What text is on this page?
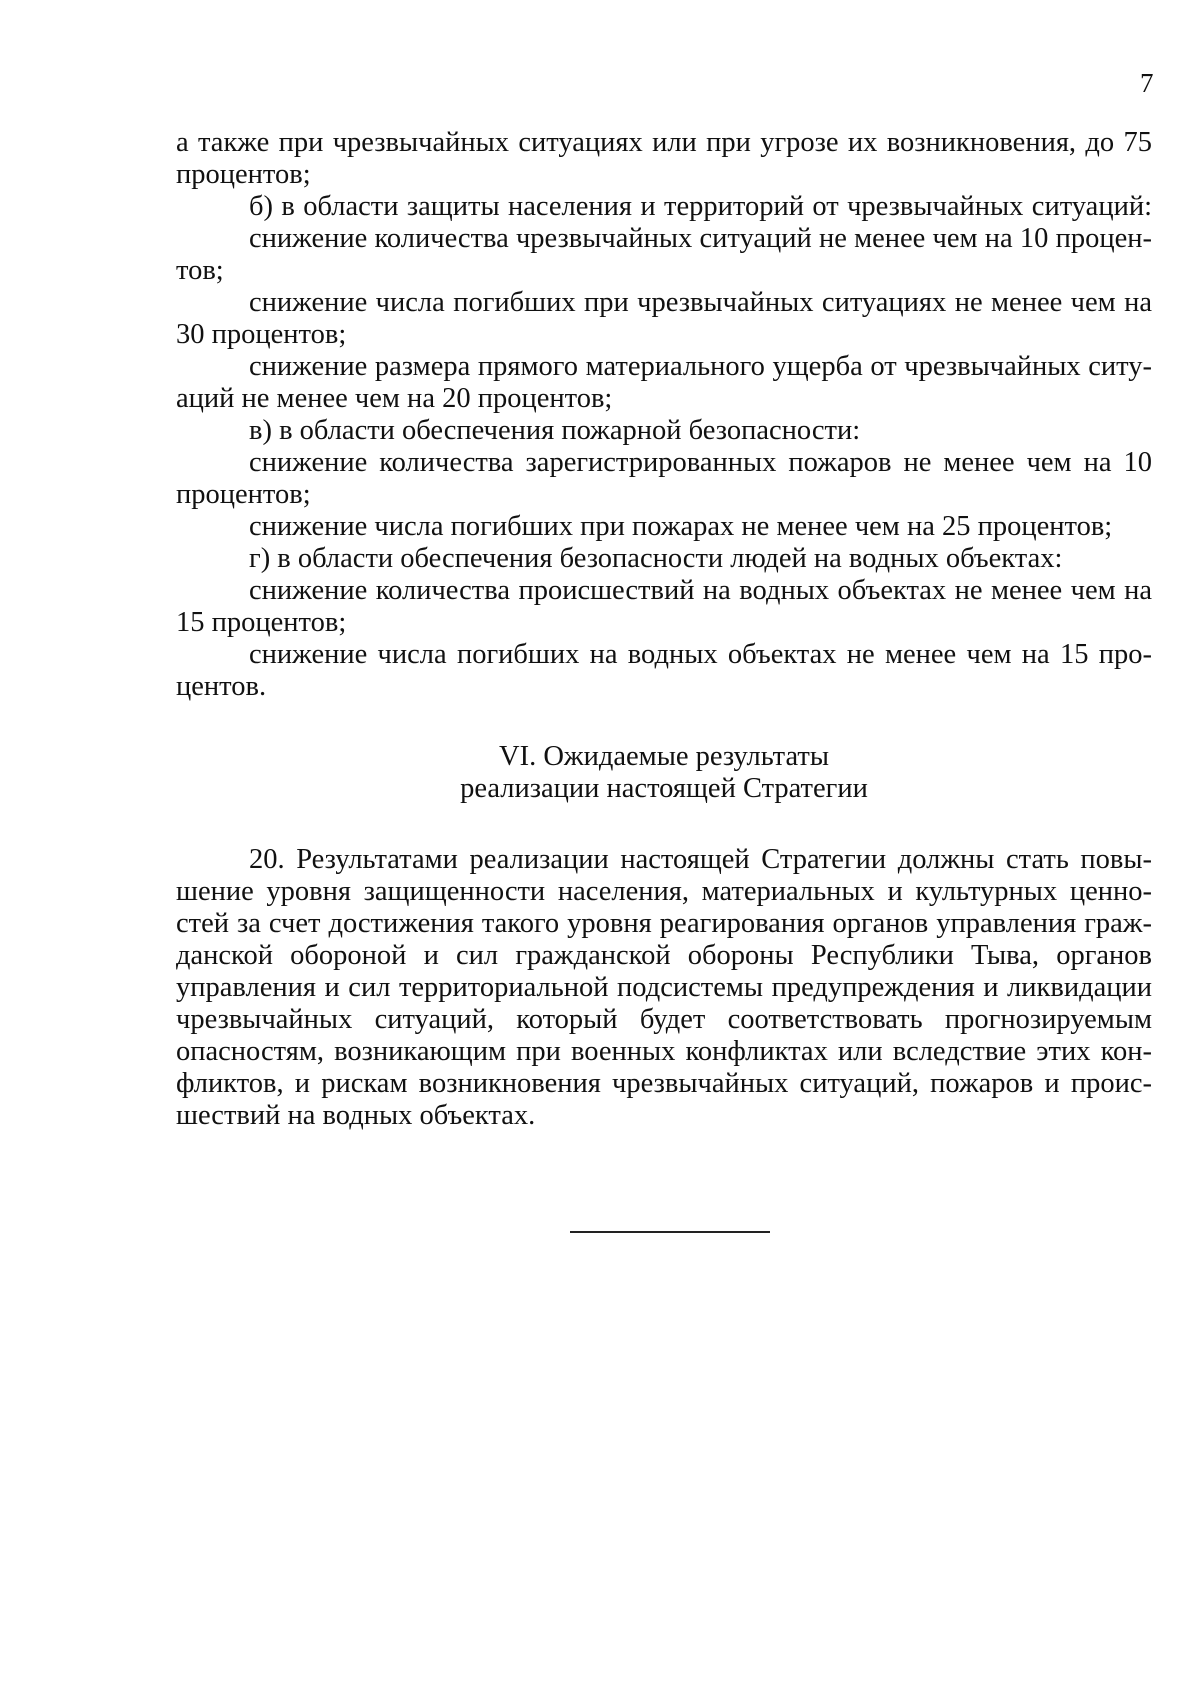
7
а также при чрезвычайных ситуациях или при угрозе их возникновения, до 75
процентов;
б) в области защиты населения и территорий от чрезвычайных ситуаций:
снижение количества чрезвычайных ситуаций не менее чем на 10 процен-
тов;
снижение числа погибших при чрезвычайных ситуациях не менее чем на
30 процентов;
снижение размера прямого материального ущерба от чрезвычайных ситу-
аций не менее чем на 20 процентов;
в) в области обеспечения пожарной безопасности:
снижение количества зарегистрированных пожаров не менее чем на 10
процентов;
снижение числа погибших при пожарах не менее чем на 25 процентов;
г) в области обеспечения безопасности людей на водных объектах:
снижение количества происшествий на водных объектах не менее чем на
15 процентов;
снижение числа погибших на водных объектах не менее чем на 15 про-
центов.
VI. Ожидаемые результаты
реализации настоящей Стратегии
20. Результатами реализации настоящей Стратегии должны стать повы-
шение уровня защищенности населения, материальных и культурных ценно-
стей за счет достижения такого уровня реагирования органов управления граж-
данской обороной и сил гражданской обороны Республики Тыва, органов
управления и сил территориальной подсистемы предупреждения и ликвидации
чрезвычайных ситуаций, который будет соответствовать прогнозируемым
опасностям, возникающим при военных конфликтах или вследствие этих кон-
фликтов, и рискам возникновения чрезвычайных ситуаций, пожаров и проис-
шествий на водных объектах.
